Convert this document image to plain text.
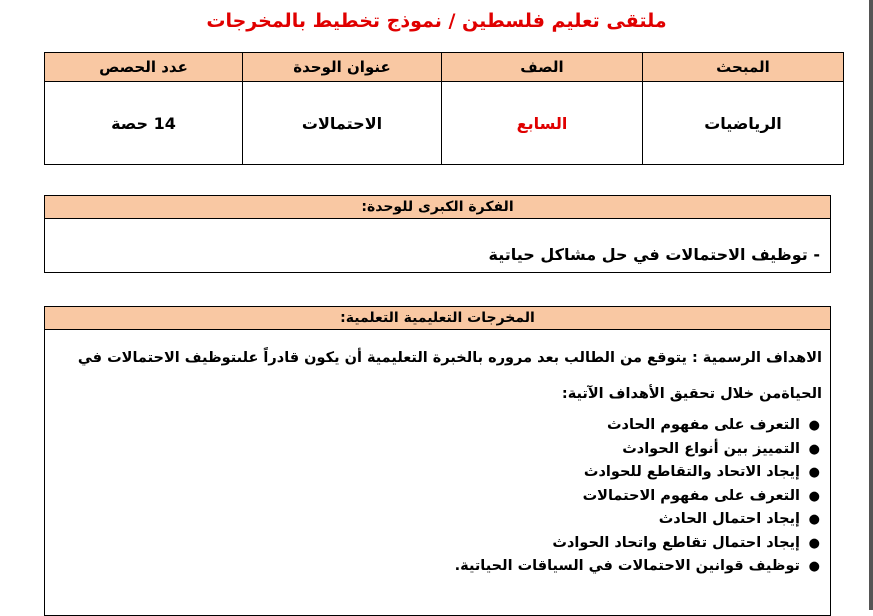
ملتقى تعليم فلسطين / نموذج تخطيط بالمخرجات
المبحث	الصف	عنوان الوحدة	عدد الحصص
الرياضيات	السابع	الاحتمالات	14 حصة
الفكرة الكبرى للوحدة:
- توظيف الاحتمالات في حل مشاكل حياتية
المخرجات التعليمية التعلمية:
الاهداف الرسمية : يتوقع من الطالب بعد مروره بالخبرة التعليمية أن يكون قادراً علىتوظيف الاحتمالات في
الحياةمن خلال تحقيق الأهداف الآتية:
●
التعرف على مفهوم الحادث
●
التمييز بين أنواع الحوادث
●
إيجاد الاتحاد والتقاطع للحوادث
●
التعرف على مفهوم الاحتمالات
●
إيجاد احتمال الحادث
●
إيجاد احتمال تقاطع واتحاد الحوادث
●
توظيف قوانين الاحتمالات في السياقات الحياتية.
